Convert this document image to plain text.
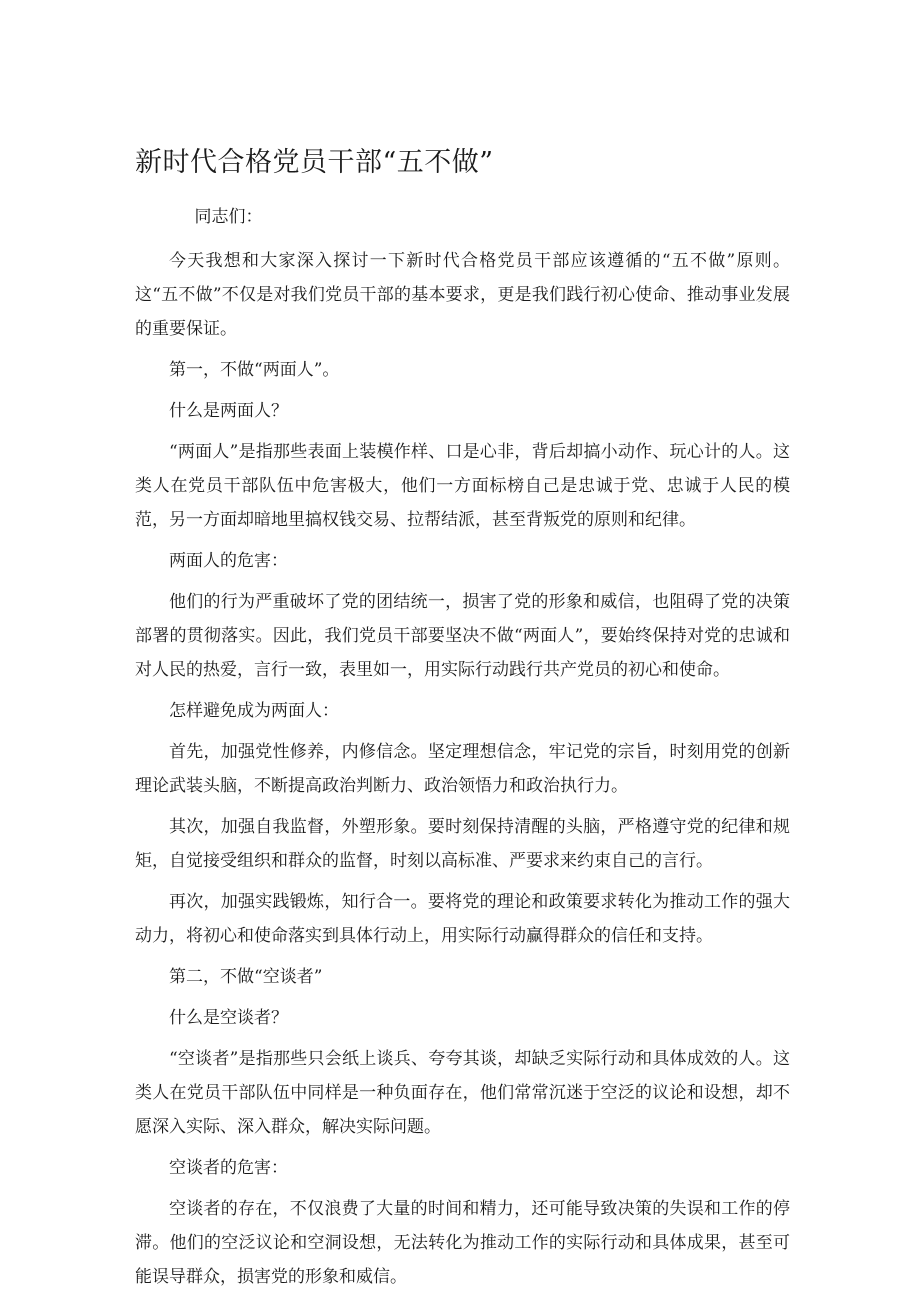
新时代合格党员干部“五不做”

同志们：

今天我想和大家深入探讨一下新时代合格党员干部应该遵循的“五不做”原则。这“五不做”不仅是对我们党员干部的基本要求，更是我们践行初心使命、推动事业发展的重要保证。

第一，不做“两面人”。

什么是两面人？

“两面人”是指那些表面上装模作样、口是心非，背后却搞小动作、玩心计的人。这类人在党员干部队伍中危害极大，他们一方面标榜自己是忠诚于党、忠诚于人民的模范，另一方面却暗地里搞权钱交易、拉帮结派，甚至背叛党的原则和纪律。

两面人的危害：

他们的行为严重破坏了党的团结统一，损害了党的形象和威信，也阻碍了党的决策部署的贯彻落实。因此，我们党员干部要坚决不做“两面人”，要始终保持对党的忠诚和对人民的热爱，言行一致，表里如一，用实际行动践行共产党员的初心和使命。

怎样避免成为两面人：

首先，加强党性修养，内修信念。坚定理想信念，牢记党的宗旨，时刻用党的创新理论武装头脑，不断提高政治判断力、政治领悟力和政治执行力。

其次，加强自我监督，外塑形象。要时刻保持清醒的头脑，严格遵守党的纪律和规矩，自觉接受组织和群众的监督，时刻以高标准、严要求来约束自己的言行。

再次，加强实践锻炼，知行合一。要将党的理论和政策要求转化为推动工作的强大动力，将初心和使命落实到具体行动上，用实际行动赢得群众的信任和支持。

第二，不做“空谈者”

什么是空谈者？

“空谈者”是指那些只会纸上谈兵、夸夸其谈，却缺乏实际行动和具体成效的人。这类人在党员干部队伍中同样是一种负面存在，他们常常沉迷于空泛的议论和设想，却不愿深入实际、深入群众，解决实际问题。

空谈者的危害：

空谈者的存在，不仅浪费了大量的时间和精力，还可能导致决策的失误和工作的停滞。他们的空泛议论和空洞设想，无法转化为推动工作的实际行动和具体成果，甚至可能误导群众，损害党的形象和威信。
